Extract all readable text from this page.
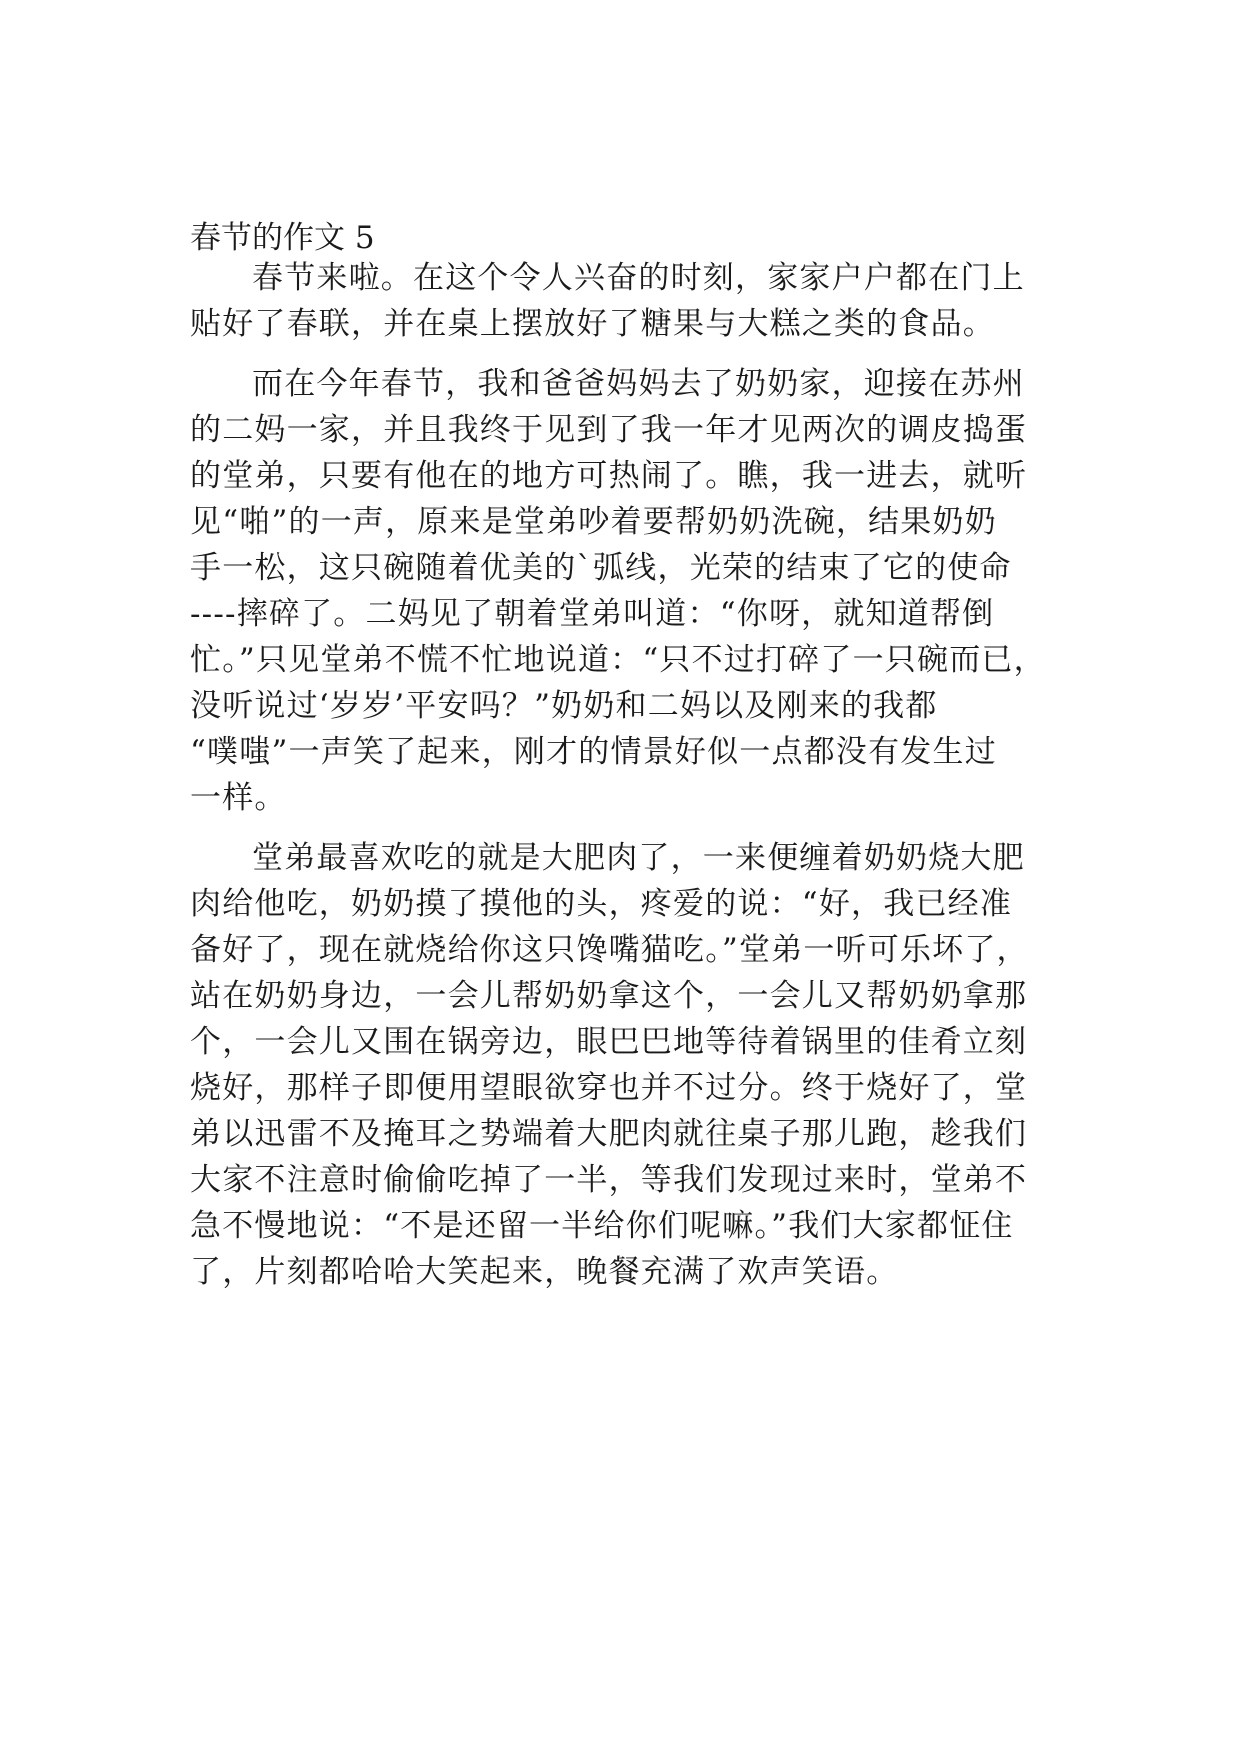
春节的作文 5
春节来啦。在这个令人兴奋的时刻，家家户户都在门上
贴好了春联，并在桌上摆放好了糖果与大糕之类的食品。
而在今年春节，我和爸爸妈妈去了奶奶家，迎接在苏州
的二妈一家，并且我终于见到了我一年才见两次的调皮捣蛋
的堂弟，只要有他在的地方可热闹了。瞧，我一进去，就听
见“啪”的一声，原来是堂弟吵着要帮奶奶洗碗，结果奶奶
手一松，这只碗随着优美的`弧线，光荣的结束了它的使命
----摔碎了。二妈见了朝着堂弟叫道：“你呀，就知道帮倒
忙。”只见堂弟不慌不忙地说道：“只不过打碎了一只碗而已，
没听说过‘岁岁’平安吗？”奶奶和二妈以及刚来的我都
“噗嗤”一声笑了起来，刚才的情景好似一点都没有发生过
一样。
堂弟最喜欢吃的就是大肥肉了，一来便缠着奶奶烧大肥
肉给他吃，奶奶摸了摸他的头，疼爱的说：“好，我已经准
备好了，现在就烧给你这只馋嘴猫吃。”堂弟一听可乐坏了，
站在奶奶身边，一会儿帮奶奶拿这个，一会儿又帮奶奶拿那
个，一会儿又围在锅旁边，眼巴巴地等待着锅里的佳肴立刻
烧好，那样子即便用望眼欲穿也并不过分。终于烧好了，堂
弟以迅雷不及掩耳之势端着大肥肉就往桌子那儿跑，趁我们
大家不注意时偷偷吃掉了一半，等我们发现过来时，堂弟不
急不慢地说：“不是还留一半给你们呢嘛。”我们大家都怔住
了，片刻都哈哈大笑起来，晚餐充满了欢声笑语。
